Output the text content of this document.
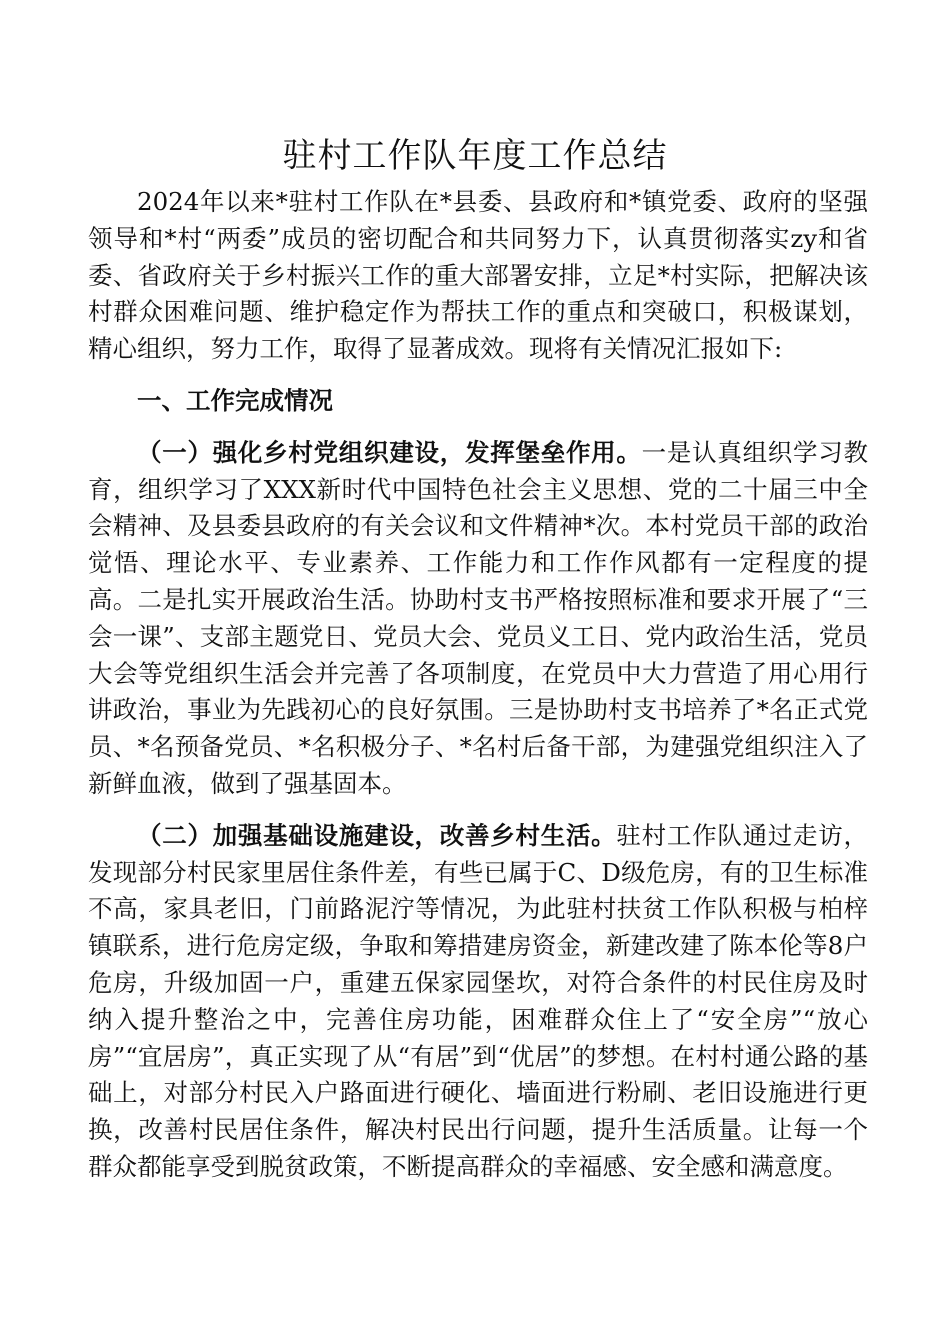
驻村工作队年度工作总结

2024年以来*驻村工作队在*县委、县政府和*镇党委、政府的坚强领导和*村“两委”成员的密切配合和共同努力下，认真贯彻落实zy和省委、省政府关于乡村振兴工作的重大部署安排，立足*村实际，把解决该村群众困难问题、维护稳定作为帮扶工作的重点和突破口，积极谋划，精心组织，努力工作，取得了显著成效。现将有关情况汇报如下:

一、工作完成情况

（一）强化乡村党组织建设，发挥堡垒作用。一是认真组织学习教育，组织学习了XXX新时代中国特色社会主义思想、党的二十届三中全会精神、及县委县政府的有关会议和文件精神*次。本村党员干部的政治觉悟、理论水平、专业素养、工作能力和工作作风都有一定程度的提高。二是扎实开展政治生活。协助村支书严格按照标准和要求开展了“三会一课”、支部主题党日、党员大会、党员义工日、党内政治生活，党员大会等党组织生活会并完善了各项制度，在党员中大力营造了用心用行讲政治，事业为先践初心的良好氛围。三是协助村支书培养了*名正式党员、*名预备党员、*名积极分子、*名村后备干部，为建强党组织注入了新鲜血液，做到了强基固本。

（二）加强基础设施建设，改善乡村生活。驻村工作队通过走访，发现部分村民家里居住条件差，有些已属于C、D级危房，有的卫生标准不高，家具老旧，门前路泥泞等情况，为此驻村扶贫工作队积极与柏梓镇联系，进行危房定级，争取和筹措建房资金，新建改建了陈本伦等8户危房，升级加固一户，重建五保家园堡坎，对符合条件的村民住房及时纳入提升整治之中，完善住房功能，困难群众住上了“安全房”“放心房”“宜居房”，真正实现了从“有居”到“优居”的梦想。在村村通公路的基础上，对部分村民入户路面进行硬化、墙面进行粉刷、老旧设施进行更换，改善村民居住条件，解决村民出行问题，提升生活质量。让每一个群众都能享受到脱贫政策，不断提高群众的幸福感、安全感和满意度。
